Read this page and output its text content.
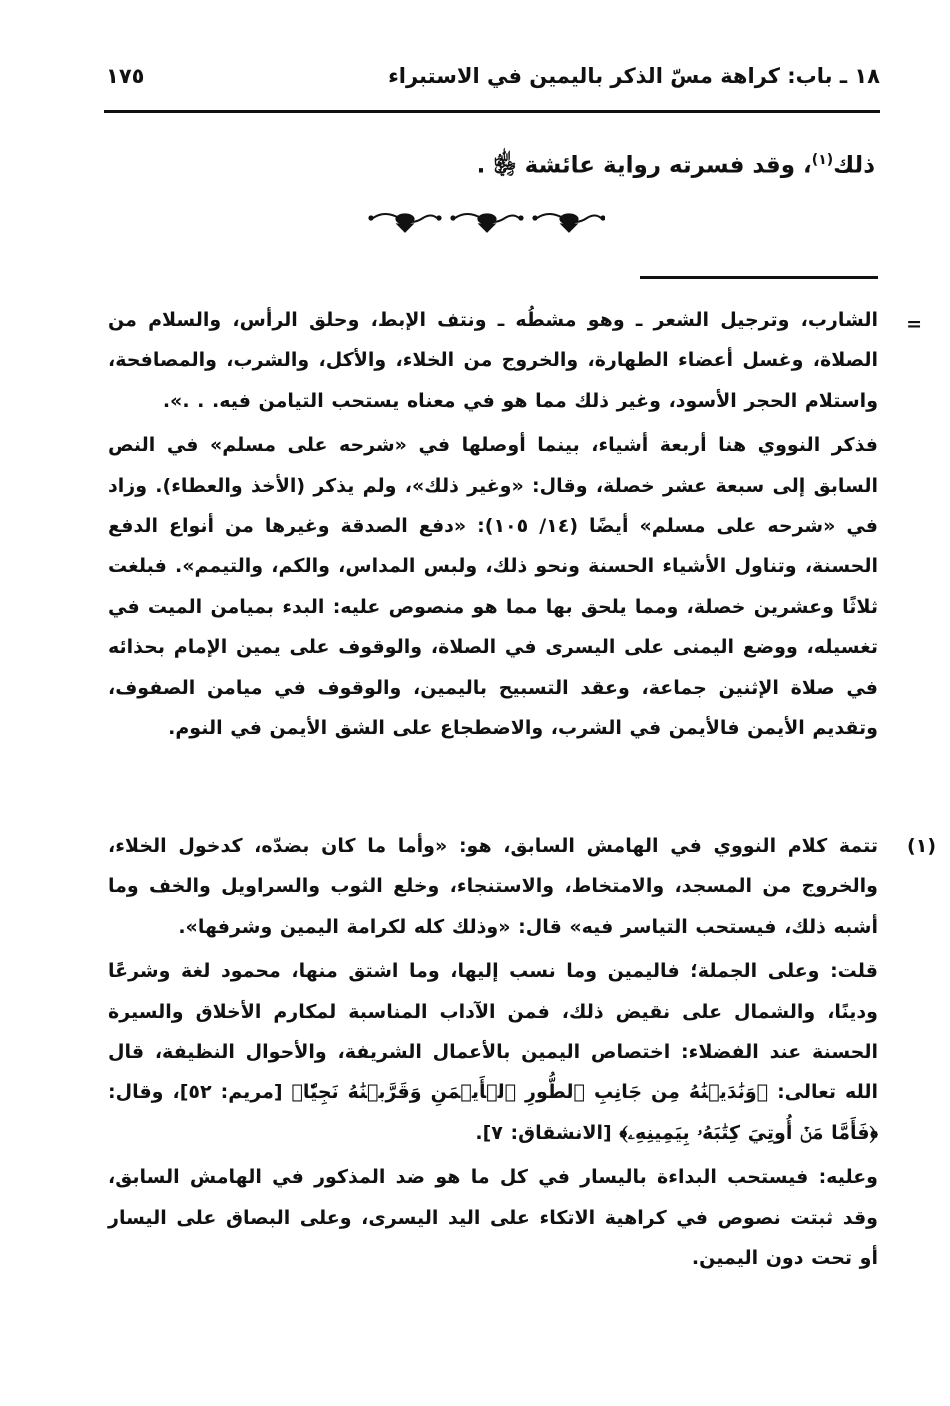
١٨ ـ باب: كراهة مسّ الذكر باليمين في الاستبراء
١٧٥
ذلك$^{(١)}$، وقد فسرته رواية عائشة ﵂ .
=

الشارب، وترجيل الشعر ـ وهو مشطُه ـ ونتف الإبط، وحلق الرأس، والسلام من الصلاة، وغسل أعضاء الطهارة، والخروج من الخلاء، والأكل، والشرب، والمصافحة، واستلام الحجر الأسود، وغير ذلك مما هو في معناه يستحب التيامن فيه. . .».

فذكر النووي هنا أربعة أشياء، بينما أوصلها في «شرحه على مسلم» في النص السابق إلى سبعة عشر خصلة، وقال: «وغير ذلك»، ولم يذكر (الأخذ والعطاء). وزاد في «شرحه على مسلم» أيضًا (١٤/ ١٠٥): «دفع الصدقة وغيرها من أنواع الدفع الحسنة، وتناول الأشياء الحسنة ونحو ذلك، ولبس المداس، والكم، والتيمم». فبلغت ثلاثًا وعشرين خصلة، ومما يلحق بها مما هو منصوص عليه: البدء بميامن الميت في تغسيله، ووضع اليمنى على اليسرى في الصلاة، والوقوف على يمين الإمام بحذائه في صلاة الإثنين جماعة، وعقد التسبيح باليمين، والوقوف في ميامن الصفوف، وتقديم الأيمن فالأيمن في الشرب، والاضطجاع على الشق الأيمن في النوم.

(١)

تتمة كلام النووي في الهامش السابق، هو: «وأما ما كان بضدّه، كدخول الخلاء، والخروج من المسجد، والامتخاط، والاستنجاء، وخلع الثوب والسراويل والخف وما أشبه ذلك، فيستحب التياسر فيه» قال: «وذلك كله لكرامة اليمين وشرفها».

قلت: وعلى الجملة؛ فاليمين وما نسب إليها، وما اشتق منها، محمود لغة وشرعًا ودينًا، والشمال على نقيض ذلك، فمن الآداب المناسبة لمكارم الأخلاق والسيرة الحسنة عند الفضلاء: اختصاص اليمين بالأعمال الشريفة، والأحوال النظيفة، قال الله تعالى: ﴿وَنَٰدَيۡنَٰهُ مِن جَانِبِ ٱلطُّورِ ٱلۡأَيۡمَنِ وَقَرَّبۡنَٰهُ نَجِيّٗا﴾ [مريم: ٥٢]، وقال: ﴿فَأَمَّا مَنۡ أُوتِيَ كِتَٰبَهُۥ بِيَمِينِهِۦ﴾ [الانشقاق: ٧].

وعليه: فيستحب البداءة باليسار في كل ما هو ضد المذكور في الهامش السابق، وقد ثبتت نصوص في كراهية الاتكاء على اليد اليسرى، وعلى البصاق على اليسار أو تحت دون اليمين.
